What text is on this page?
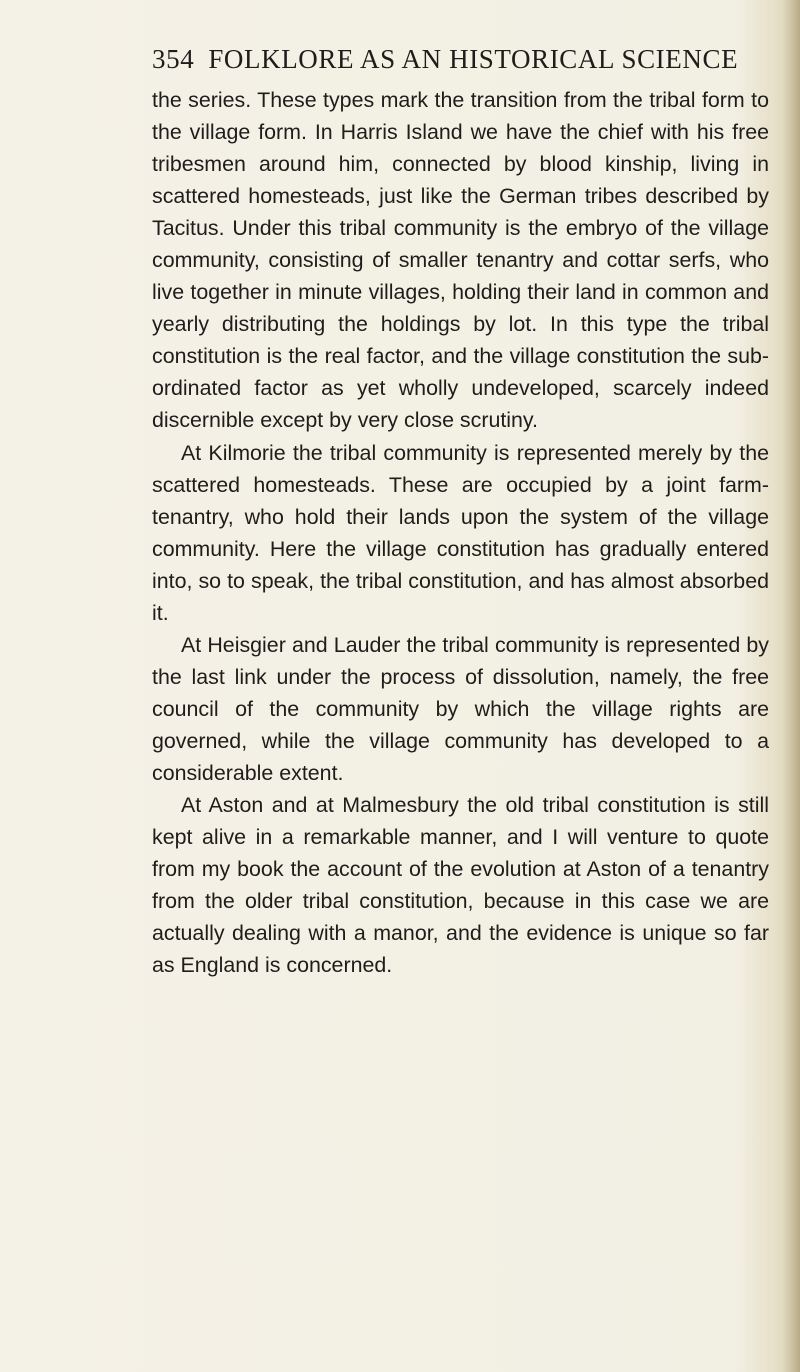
354 FOLKLORE AS AN HISTORICAL SCIENCE

the series. These types mark the transition from the tribal form to the village form. In Harris Island we have the chief with his free tribesmen around him, connected by blood kinship, living in scattered homesteads, just like the German tribes described by Tacitus. Under this tribal community is the embryo of the village community, consisting of smaller tenantry and cottar serfs, who live together in minute villages, holding their land in common and yearly distributing the holdings by lot. In this type the tribal constitution is the real factor, and the village constitution the subordinated factor as yet wholly undeveloped, scarcely indeed discernible except by very close scrutiny.

At Kilmorie the tribal community is represented merely by the scattered homesteads. These are occupied by a joint farm-tenantry, who hold their lands upon the system of the village community. Here the village constitution has gradually entered into, so to speak, the tribal constitution, and has almost absorbed it.

At Heisgier and Lauder the tribal community is represented by the last link under the process of dissolution, namely, the free council of the community by which the village rights are governed, while the village community has developed to a considerable extent.

At Aston and at Malmesbury the old tribal constitution is still kept alive in a remarkable manner, and I will venture to quote from my book the account of the evolution at Aston of a tenantry from the older tribal constitution, because in this case we are actually dealing with a manor, and the evidence is unique so far as England is concerned.
